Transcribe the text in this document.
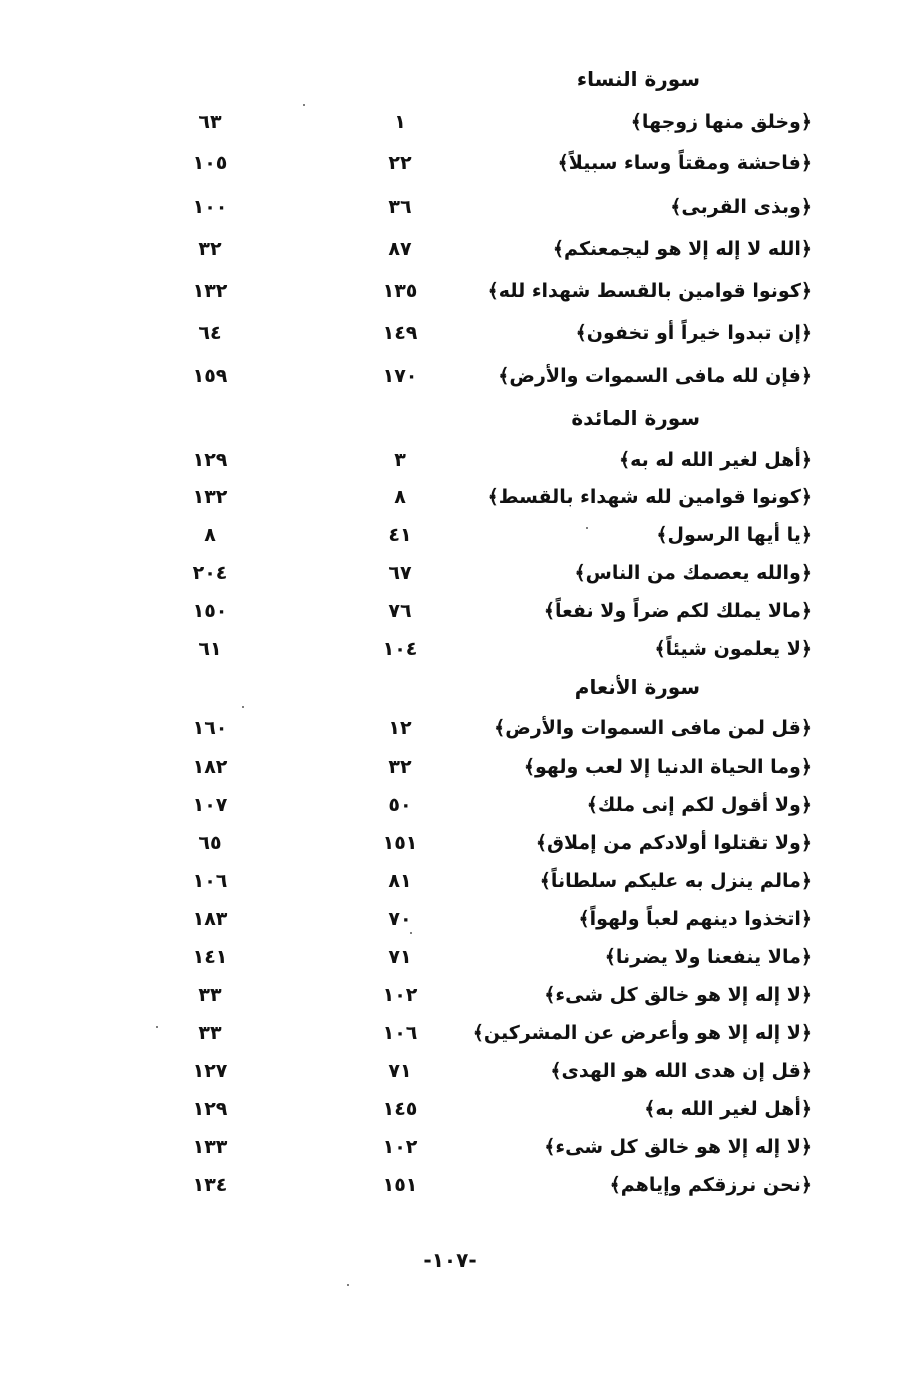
سورة النساء
﴿وخلق منها زوجها﴾
١
٦٣
﴿فاحشة ومقتاً وساء سبيلاً﴾
٢٢
١٠٥
﴿وبذى القربى﴾
٣٦
١٠٠
﴿الله لا إله إلا هو ليجمعنكم﴾
٨٧
٣٢
﴿كونوا قوامين بالقسط شهداء لله﴾
١٣٥
١٣٢
﴿إن تبدوا خيراً أو تخفون﴾
١٤٩
٦٤
﴿فإن لله مافى السموات والأرض﴾
١٧٠
١٥٩
سورة المائدة
﴿أهل لغير الله له به﴾
٣
١٢٩
﴿كونوا قوامين لله شهداء بالقسط﴾
٨
١٣٢
﴿يا أيها الرسول﴾
٤١
٨
﴿والله يعصمك من الناس﴾
٦٧
٢٠٤
﴿مالا يملك لكم ضراً ولا نفعاً﴾
٧٦
١٥٠
﴿لا يعلمون شيئاً﴾
١٠٤
٦١
سورة الأنعام
﴿قل لمن مافى السموات والأرض﴾
١٢
١٦٠
﴿وما الحياة الدنيا إلا لعب ولهو﴾
٣٢
١٨٢
﴿ولا أقول لكم إنى ملك﴾
٥٠
١٠٧
﴿ولا تقتلوا أولادكم من إملاق﴾
١٥١
٦٥
﴿مالم ينزل به عليكم سلطاناً﴾
٨١
١٠٦
﴿اتخذوا دينهم لعباً ولهواً﴾
٧٠
١٨٣
﴿مالا ينفعنا ولا يضرنا﴾
٧١
١٤١
﴿لا إله إلا هو خالق كل شىء﴾
١٠٢
٣٣
﴿لا إله إلا هو وأعرض عن المشركين﴾
١٠٦
٣٣
﴿قل إن هدى الله هو الهدى﴾
٧١
١٢٧
﴿أهل لغير الله به﴾
١٤٥
١٢٩
﴿لا إله إلا هو خالق كل شىء﴾
١٠٢
١٣٣
﴿نحن نرزقكم وإياهم﴾
١٥١
١٣٤
-١٠٧-
